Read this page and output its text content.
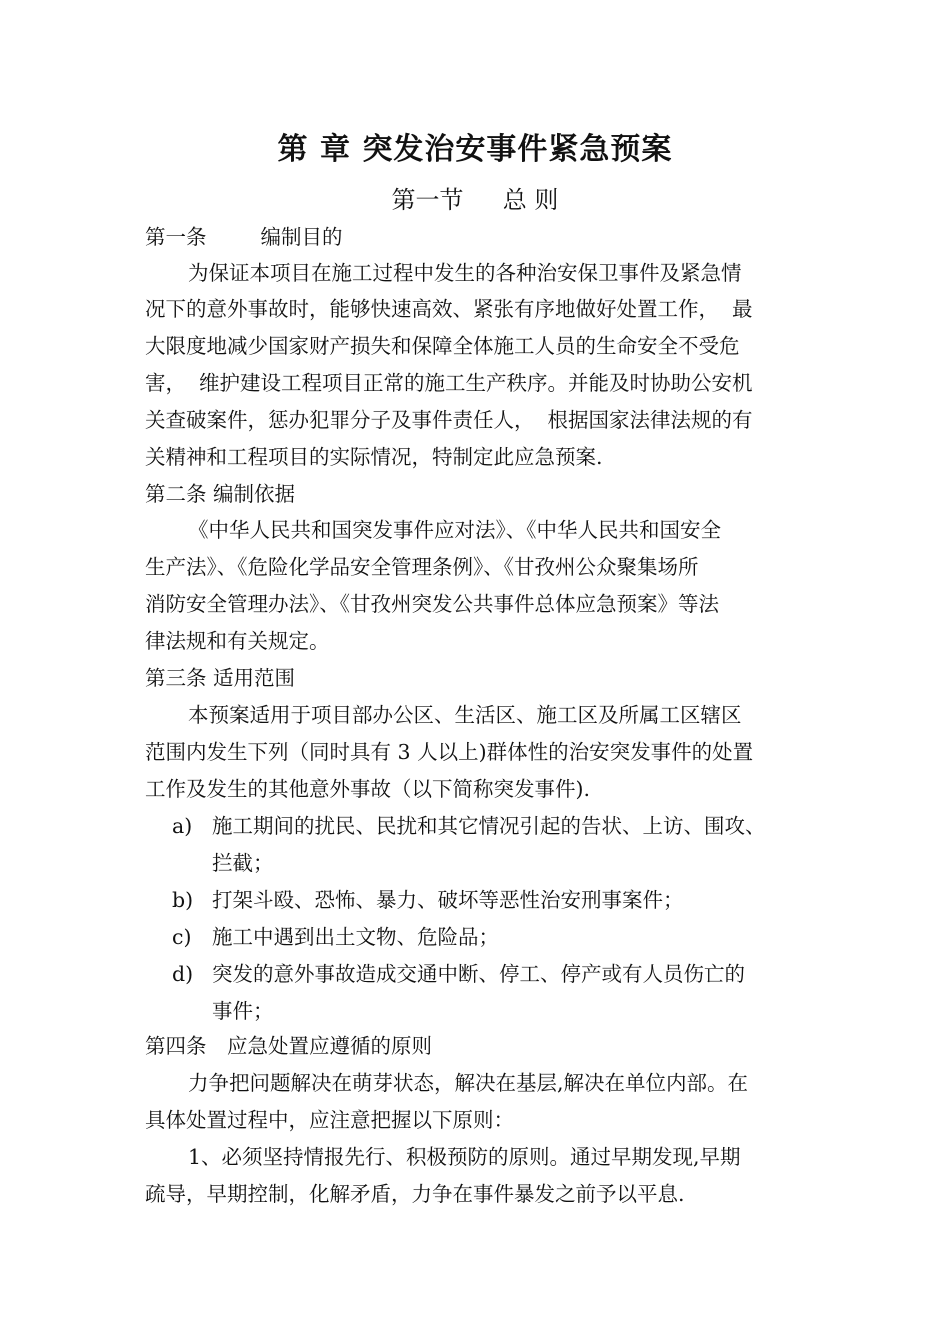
第 章 突发治安事件紧急预案
第一节　  总 则
第一条　　  编制目的
为保证本项目在施工过程中发生的各种治安保卫事件及紧急情
况下的意外事故时，能够快速高效、紧张有序地做好处置工作，  最
大限度地减少国家财产损失和保障全体施工人员的生命安全不受危
害，  维护建设工程项目正常的施工生产秩序。并能及时协助公安机
关查破案件，惩办犯罪分子及事件责任人，  根据国家法律法规的有
关精神和工程项目的实际情况，特制定此应急预案.
第二条 编制依据
《中华人民共和国突发事件应对法》、《中华人民共和国安全
生产法》、《危险化学品安全管理条例》、《甘孜州公众聚集场所
消防安全管理办法》、《甘孜州突发公共事件总体应急预案》等法
律法规和有关规定。
第三条 适用范围
本预案适用于项目部办公区、生活区、施工区及所属工区辖区
范围内发生下列（同时具有 3 人以上)群体性的治安突发事件的处置
工作及发生的其他意外事故（以下简称突发事件).
a) 施工期间的扰民、民扰和其它情况引起的告状、上访、围攻、
拦截；
b) 打架斗殴、恐怖、暴力、破坏等恶性治安刑事案件；
c) 施工中遇到出土文物、危险品；
d) 突发的意外事故造成交通中断、停工、停产或有人员伤亡的
事件；
第四条　应急处置应遵循的原则
力争把问题解决在萌芽状态，解决在基层,解决在单位内部。在
具体处置过程中，应注意把握以下原则：
1、必须坚持情报先行、积极预防的原则。通过早期发现,早期
疏导，早期控制，化解矛盾，力争在事件暴发之前予以平息.
